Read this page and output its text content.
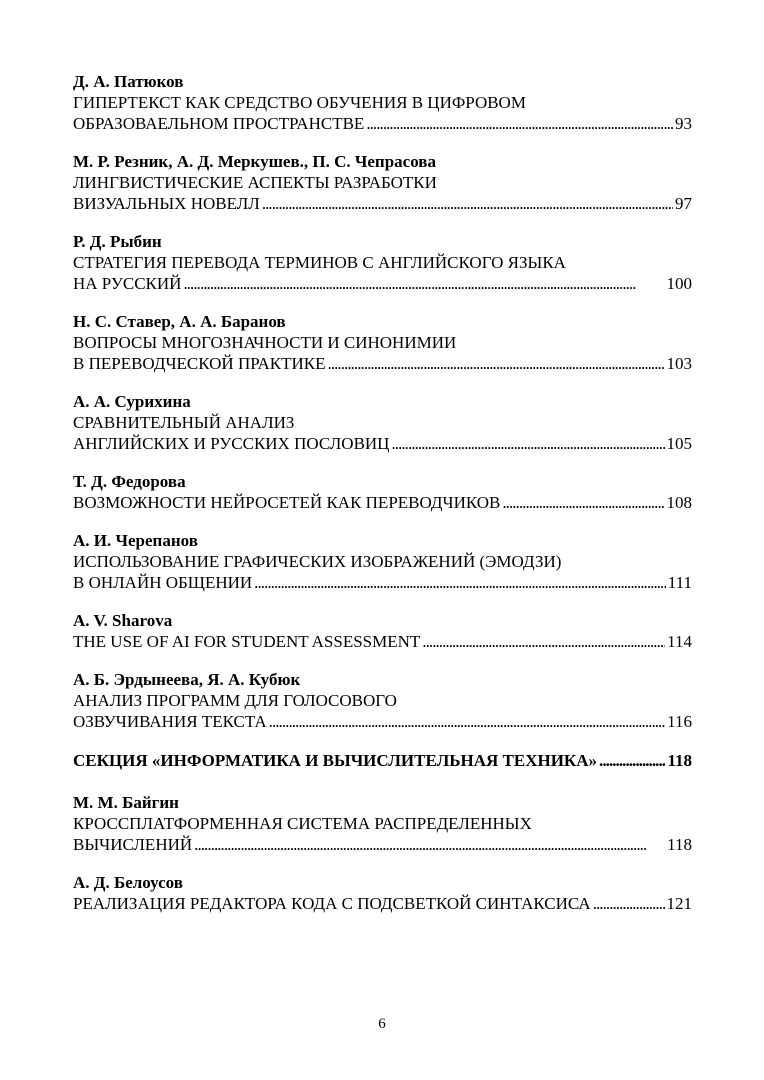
Д. А. Патюков
ГИПЕРТЕКСТ КАК СРЕДСТВО ОБУЧЕНИЯ В ЦИФРОВОМ
ОБРАЗОВАЕЛЬНОМ ПРОСТРАНСТВЕ . . .	93
М. Р. Резник, А. Д. Меркушев., П. С. Чепрасова
ЛИНГВИСТИЧЕСКИЕ АСПЕКТЫ РАЗРАБОТКИ
ВИЗУАЛЬНЫХ НОВЕЛЛ . . .	97
Р. Д. Рыбин
СТРАТЕГИЯ ПЕРЕВОДА ТЕРМИНОВ С АНГЛИЙСКОГО ЯЗЫКА
НА РУССКИЙ . . .	100
Н. С. Ставер, А. А. Баранов
ВОПРОСЫ МНОГОЗНАЧНОСТИ И СИНОНИМИИ
В ПЕРЕВОДЧЕСКОЙ ПРАКТИКЕ . . .	103
А. А. Сурихина
СРАВНИТЕЛЬНЫЙ АНАЛИЗ
АНГЛИЙСКИХ И РУССКИХ ПОСЛОВИЦ . . .	105
Т. Д. Федорова
ВОЗМОЖНОСТИ НЕЙРОСЕТЕЙ КАК ПЕРЕВОДЧИКОВ . . .	108
А. И. Черепанов
ИСПОЛЬЗОВАНИЕ ГРАФИЧЕСКИХ ИЗОБРАЖЕНИЙ (ЭМОДЗИ)
В ОНЛАЙН ОБЩЕНИИ . . .	111
A. V. Sharova
THE USE OF AI FOR STUDENT ASSESSMENT . . .	114
А. Б. Эрдынеева, Я. А. Кубюк
АНАЛИЗ ПРОГРАММ ДЛЯ ГОЛОСОВОГО
ОЗВУЧИВАНИЯ ТЕКСТА . . .	116
СЕКЦИЯ «ИНФОРМАТИКА И ВЫЧИСЛИТЕЛЬНАЯ ТЕХНИКА» . . .	118
М. М. Байгин
КРОССПЛАТФОРМЕННАЯ СИСТЕМА РАСПРЕДЕЛЕННЫХ
ВЫЧИСЛЕНИЙ . . .	118
А. Д. Белоусов
РЕАЛИЗАЦИЯ РЕДАКТОРА КОДА С ПОДСВЕТКОЙ СИНТАКСИСА . . .	121
6
